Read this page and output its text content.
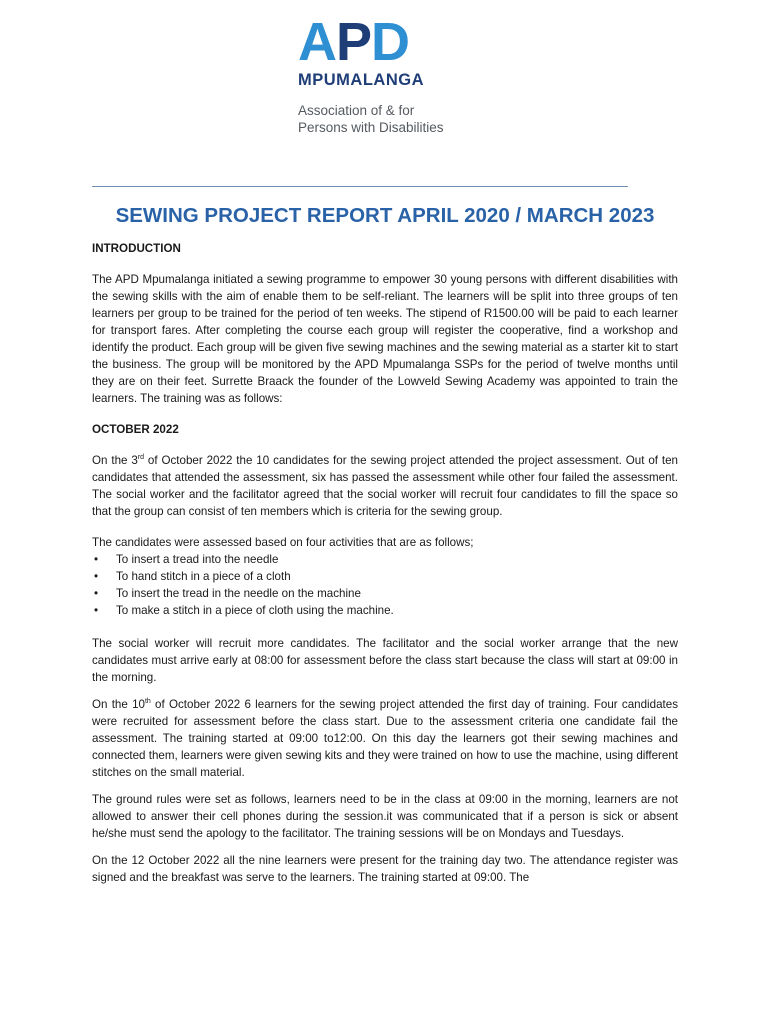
A P D
MPUMALANGA
Association of & for
Persons with Disabilities
SEWING PROJECT REPORT APRIL 2020 / MARCH 2023

INTRODUCTION

The APD Mpumalanga initiated a sewing programme to empower 30 young persons with different disabilities with the sewing skills with the aim of enable them to be self-reliant. The learners will be split into three groups of ten learners per group to be trained for the period of ten weeks. The stipend of R1500.00 will be paid to each learner for transport fares. After completing the course each group will register the cooperative, find a workshop and identify the product. Each group will be given five sewing machines and the sewing material as a starter kit to start the business. The group will be monitored by the APD Mpumalanga SSPs for the period of twelve months until they are on their feet. Surrette Braack the founder of the Lowveld Sewing Academy was appointed to train the learners. The training was as follows:

OCTOBER 2022

On the 3rd of October 2022 the 10 candidates for the sewing project attended the project assessment. Out of ten candidates that attended the assessment, six has passed the assessment while other four failed the assessment. The social worker and the facilitator agreed that the social worker will recruit four candidates to fill the space so that the group can consist of ten members which is criteria for the sewing group.

The candidates were assessed based on four activities that are as follows;

• To insert a tread into the needle
• To hand stitch in a piece of a cloth
• To insert the tread in the needle on the machine
• To make a stitch in a piece of cloth using the machine.

The social worker will recruit more candidates. The facilitator and the social worker arrange that the new candidates must arrive early at 08:00 for assessment before the class start because the class will start at 09:00 in the morning.

On the 10th of October 2022 6 learners for the sewing project attended the first day of training. Four candidates were recruited for assessment before the class start. Due to the assessment criteria one candidate fail the assessment. The training started at 09:00 to12:00. On this day the learners got their sewing machines and connected them, learners were given sewing kits and they were trained on how to use the machine, using different stitches on the small material.

The ground rules were set as follows, learners need to be in the class at 09:00 in the morning, learners are not allowed to answer their cell phones during the session.it was communicated that if a person is sick or absent he/she must send the apology to the facilitator. The training sessions will be on Mondays and Tuesdays.

On the 12 October 2022 all the nine learners were present for the training day two. The attendance register was signed and the breakfast was serve to the learners. The training started at 09:00. The
